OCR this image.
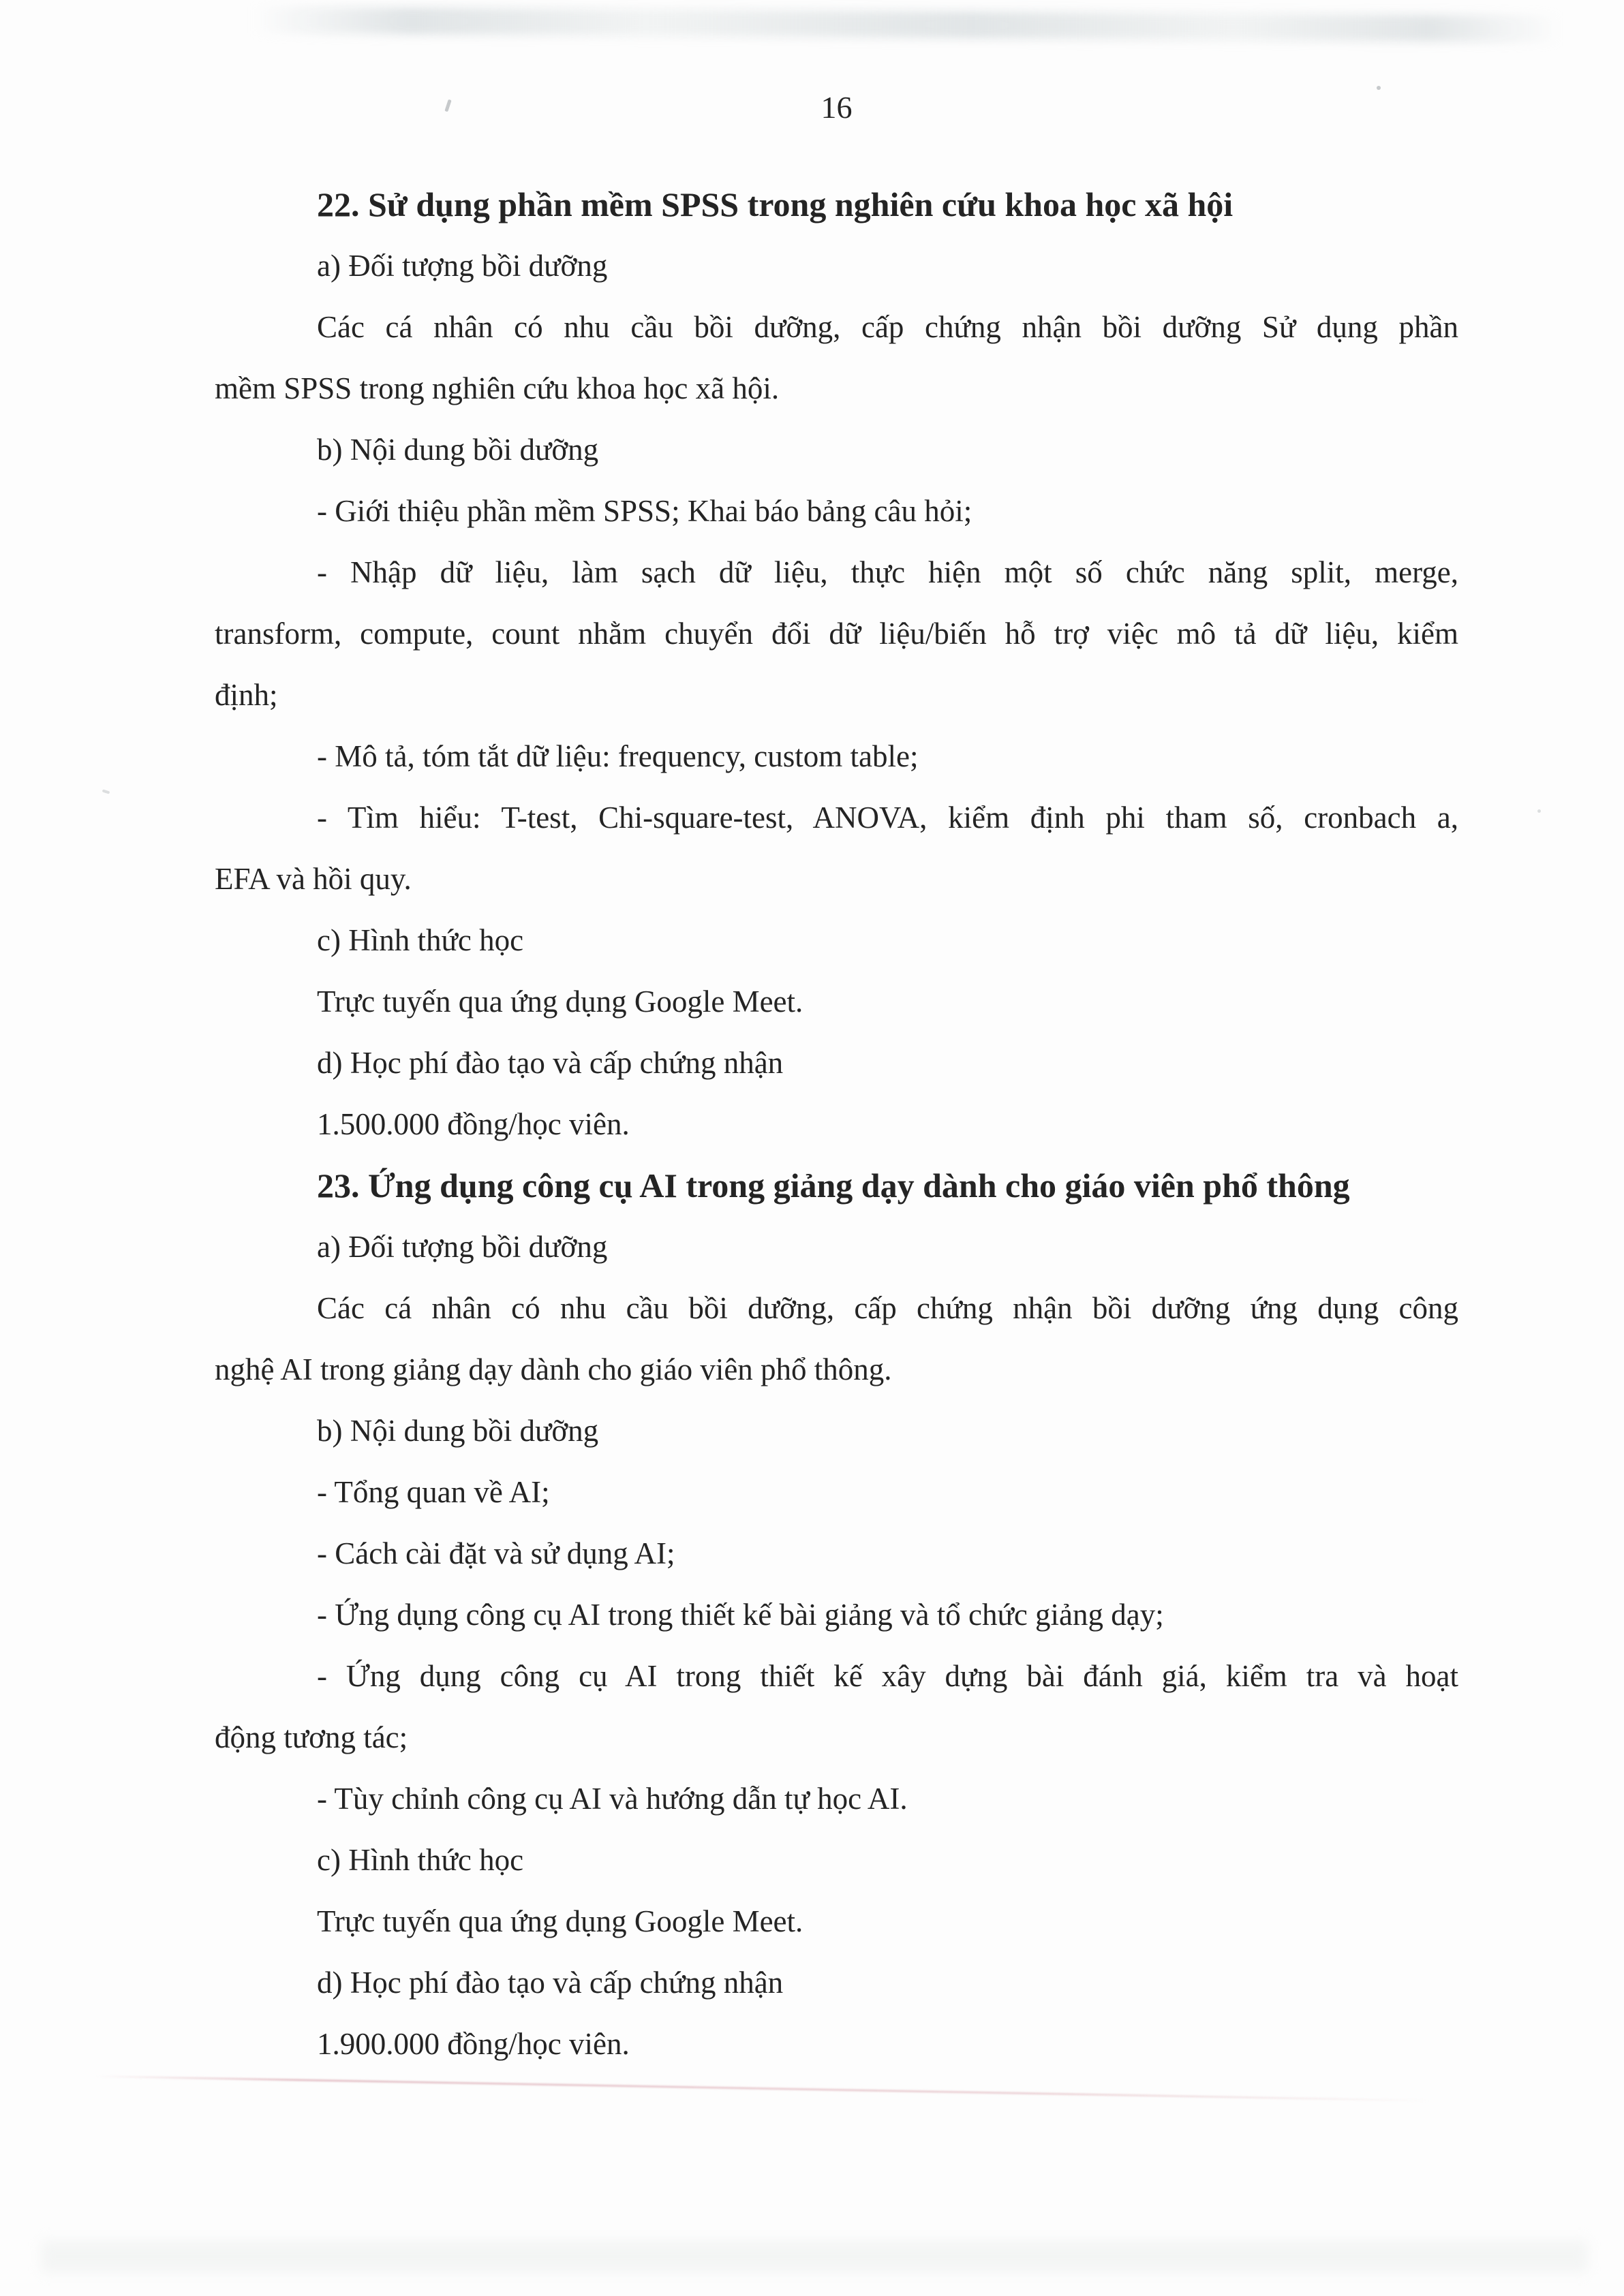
16
22. Sử dụng phần mềm SPSS trong nghiên cứu khoa học xã hội
a) Đối tượng bồi dưỡng
Các cá nhân có nhu cầu bồi dưỡng, cấp chứng nhận bồi dưỡng Sử dụng phần
mềm SPSS trong nghiên cứu khoa học xã hội.
b) Nội dung bồi dưỡng
- Giới thiệu phần mềm SPSS; Khai báo bảng câu hỏi;
- Nhập dữ liệu, làm sạch dữ liệu, thực hiện một số chức năng split, merge,
transform, compute, count nhằm chuyển đổi dữ liệu/biến hỗ trợ việc mô tả dữ liệu, kiểm
định;
- Mô tả, tóm tắt dữ liệu: frequency, custom table;
- Tìm hiểu: T-test, Chi-square-test, ANOVA, kiểm định phi tham số, cronbach a,
EFA và hồi quy.
c) Hình thức học
Trực tuyến qua ứng dụng Google Meet.
d) Học phí đào tạo và cấp chứng nhận
1.500.000 đồng/học viên.
23. Ứng dụng công cụ AI trong giảng dạy dành cho giáo viên phổ thông
a) Đối tượng bồi dưỡng
Các cá nhân có nhu cầu bồi dưỡng, cấp chứng nhận bồi dưỡng ứng dụng công
nghệ AI trong giảng dạy dành cho giáo viên phổ thông.
b) Nội dung bồi dưỡng
- Tổng quan về AI;
- Cách cài đặt và sử dụng AI;
- Ứng dụng công cụ AI trong thiết kế bài giảng và tổ chức giảng dạy;
- Ứng dụng công cụ AI trong thiết kế xây dựng bài đánh giá, kiểm tra và hoạt
động tương tác;
- Tùy chỉnh công cụ AI và hướng dẫn tự học AI.
c) Hình thức học
Trực tuyến qua ứng dụng Google Meet.
d) Học phí đào tạo và cấp chứng nhận
1.900.000 đồng/học viên.
